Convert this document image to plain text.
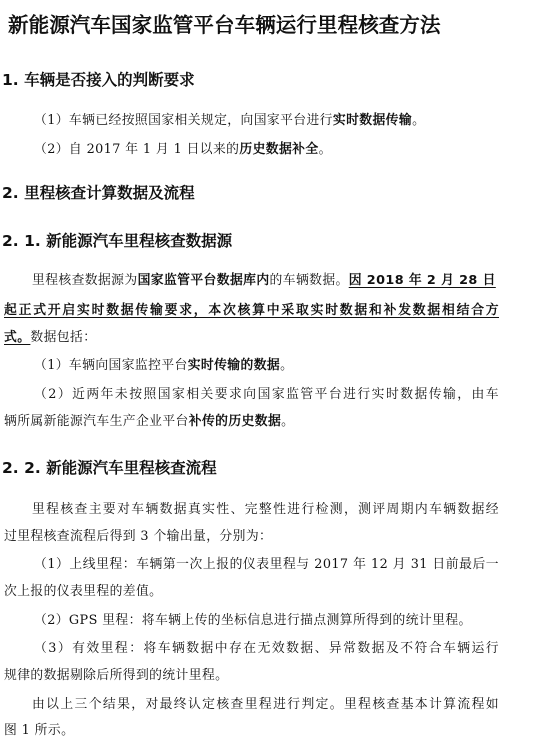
新能源汽车国家监管平台车辆运行里程核查方法
1. 车辆是否接入的判断要求
（1）车辆已经按照国家相关规定，向国家平台进行实时数据传输。
（2）自 2017 年 1 月 1 日以来的历史数据补全。
2. 里程核查计算数据及流程
2. 1. 新能源汽车里程核查数据源
里程核查数据源为国家监管平台数据库内的车辆数据。因 2018 年 2 月 28 日
起正式开启实时数据传输要求，本次核算中采取实时数据和补发数据相结合方
式。数据包括：
（1）车辆向国家监控平台实时传输的数据。
（2）近两年未按照国家相关要求向国家监管平台进行实时数据传输，由车
辆所属新能源汽车生产企业平台补传的历史数据。
2. 2. 新能源汽车里程核查流程
里程核查主要对车辆数据真实性、完整性进行检测，测评周期内车辆数据经
过里程核查流程后得到 3 个输出量，分别为：
（1）上线里程：车辆第一次上报的仪表里程与 2017 年 12 月 31 日前最后一
次上报的仪表里程的差值。
（2）GPS 里程：将车辆上传的坐标信息进行描点测算所得到的统计里程。
（3）有效里程：将车辆数据中存在无效数据、异常数据及不符合车辆运行
规律的数据剔除后所得到的统计里程。
由以上三个结果，对最终认定核查里程进行判定。里程核查基本计算流程如
图 1 所示。
